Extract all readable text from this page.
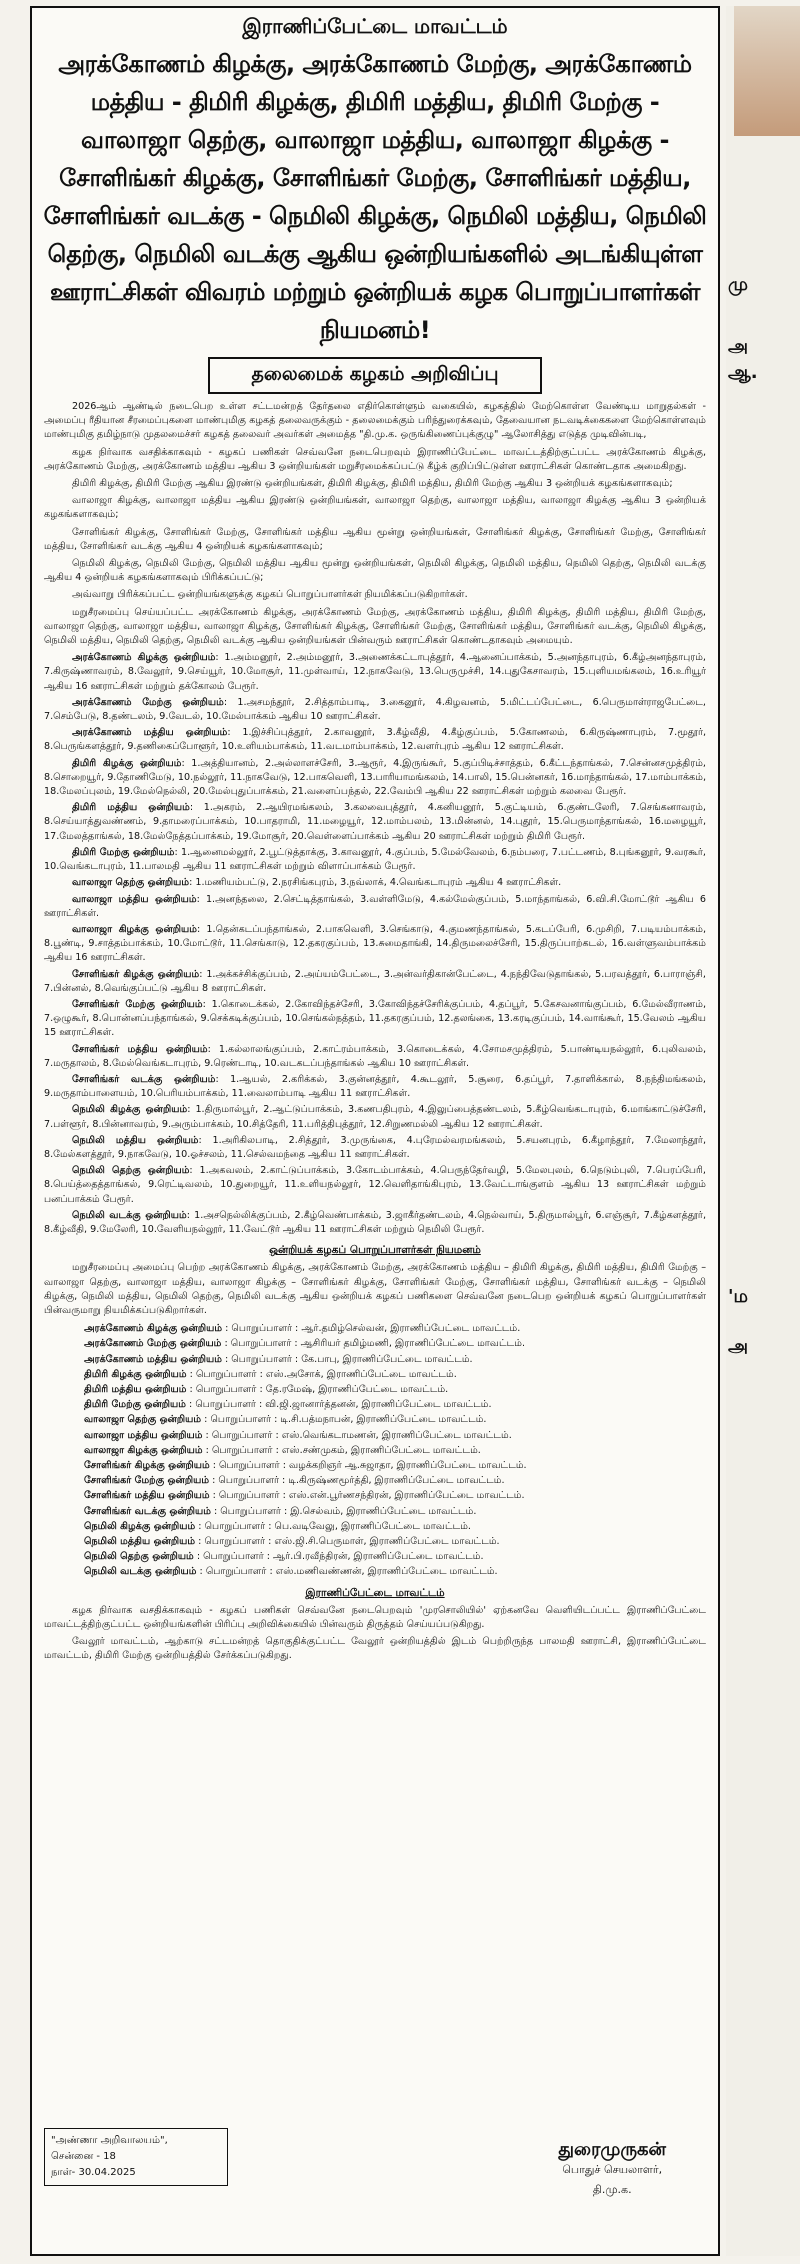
இராணிப்பேட்டை மாவட்டம்
அரக்கோணம் கிழக்கு, அரக்கோணம் மேற்கு, அரக்கோணம் மத்திய - திமிரி கிழக்கு, திமிரி மத்திய, திமிரி மேற்கு - வாலாஜா தெற்கு, வாலாஜா மத்திய, வாலாஜா கிழக்கு - சோளிங்கர் கிழக்கு, சோளிங்கர் மேற்கு, சோளிங்கர் மத்திய, சோளிங்கர் வடக்கு - நெமிலி கிழக்கு, நெமிலி மத்திய, நெமிலி தெற்கு, நெமிலி வடக்கு ஆகிய ஒன்றியங்களில் அடங்கியுள்ள ஊராட்சிகள் விவரம் மற்றும் ஒன்றியக் கழக பொறுப்பாளர்கள் நியமனம்!
தலைமைக் கழகம் அறிவிப்பு

2026ஆம் ஆண்டில் நடைபெற உள்ள சட்டமன்றத் தேர்தலை எதிர்கொள்ளும் வகையில், கழகத்தில் மேற்கொள்ள வேண்டிய மாறுதல்கள் - அமைப்பு ரீதியான சீரமைப்புகளை மாண்புமிகு கழகத் தலைவருக்கும் - தலைமைக்கும் பரிந்துரைக்கவும், தேவையான நடவடிக்கைகளை மேற்கொள்ளவும் மாண்புமிகு தமிழ்நாடு முதலமைச்சர் கழகத் தலைவர் அவர்கள் அமைத்த "தி.மு.க. ஒருங்கிணைப்புக்குழு" ஆலோசித்து எடுத்த முடிவின்படி,

கழக நிர்வாக வசதிக்காகவும் - கழகப் பணிகள் செவ்வனே நடைபெறவும் இராணிப்பேட்டை மாவட்டத்திற்குட்பட்ட அரக்கோணம் கிழக்கு, அரக்கோணம் மேற்கு, அரக்கோணம் மத்திய ஆகிய 3 ஒன்றியங்கள் மறுசீரமைக்கப்பட்டு கீழ்க் குறிப்பிட்டுள்ள ஊராட்சிகள் கொண்டதாக அமைகிறது.

திமிரி கிழக்கு, திமிரி மேற்கு ஆகிய இரண்டு ஒன்றியங்கள், திமிரி கிழக்கு, திமிரி மத்திய, திமிரி மேற்கு ஆகிய 3 ஒன்றியக் கழகங்களாகவும்;

வாலாஜா கிழக்கு, வாலாஜா மத்திய ஆகிய இரண்டு ஒன்றியங்கள், வாலாஜா தெற்கு, வாலாஜா மத்திய, வாலாஜா கிழக்கு ஆகிய 3 ஒன்றியக் கழகங்களாகவும்;

சோளிங்கர் கிழக்கு, சோளிங்கர் மேற்கு, சோளிங்கர் மத்திய ஆகிய மூன்று ஒன்றியங்கள், சோளிங்கர் கிழக்கு, சோளிங்கர் மேற்கு, சோளிங்கர் மத்திய, சோளிங்கர் வடக்கு ஆகிய 4 ஒன்றியக் கழகங்களாகவும்;

நெமிலி கிழக்கு, நெமிலி மேற்கு, நெமிலி மத்திய ஆகிய மூன்று ஒன்றியங்கள், நெமிலி கிழக்கு, நெமிலி மத்திய, நெமிலி தெற்கு, நெமிலி வடக்கு ஆகிய 4 ஒன்றியக் கழகங்களாகவும் பிரிக்கப்பட்டு;

அவ்வாறு பிரிக்கப்பட்ட ஒன்றியங்களுக்கு கழகப் பொறுப்பாளர்கள் நியமிக்கப்படுகிறார்கள்.

மறுசீரமைப்பு செய்யப்பட்ட அரக்கோணம் கிழக்கு, அரக்கோணம் மேற்கு, அரக்கோணம் மத்திய, திமிரி கிழக்கு, திமிரி மத்திய, திமிரி மேற்கு, வாலாஜா தெற்கு, வாலாஜா மத்திய, வாலாஜா கிழக்கு, சோளிங்கர் கிழக்கு, சோளிங்கர் மேற்கு, சோளிங்கர் மத்திய, சோளிங்கர் வடக்கு, நெமிலி கிழக்கு, நெமிலி மத்திய, நெமிலி தெற்கு, நெமிலி வடக்கு ஆகிய ஒன்றியங்கள் பின்வரும் ஊராட்சிகள் கொண்டதாகவும் அமையும்.

அரக்கோணம் கிழக்கு ஒன்றியம்: 1.அம்மனூர், 2.அம்மனூர், 3.அணைக்கட்டாபுத்தூர், 4.ஆனைப்பாக்கம், 5.அனந்தாபுரம், 6.கீழ்அனந்தாபுரம், 7.கிருஷ்ணாவரம், 8.வேலூர், 9.செய்யூர், 10.மோசூர், 11.முள்வாய், 12.நாகவேடு, 13.பெருமுச்சி, 14.புதுகேசாவரம், 15.புளியமங்கலம், 16.உரியூர் ஆகிய 16 ஊராட்சிகள் மற்றும் தக்கோலம் பேரூர்.

அரக்கோணம் மேற்கு ஒன்றியம்: 1.அசமந்தூர், 2.சித்தாம்பாடி, 3.கைனூர், 4.கிழவனம், 5.மிட்டப்பேட்டை, 6.பெருமாள்ராஜபேட்டை, 7.செம்பேடு, 8.தண்டலம், 9.வேடல், 10.மேல்பாக்கம் ஆகிய 10 ஊராட்சிகள்.

அரக்கோணம் மத்திய ஒன்றியம்: 1.இச்சிப்புத்தூர், 2.காவனூர், 3.கீழ்வீதி, 4.கீழ்குப்பம், 5.கோணலம், 6.கிருஷ்ணாபுரம், 7.மூதூர், 8.பெருங்களத்தூர், 9.தணிகைப்போளூர், 10.உளியம்பாக்கம், 11.வடமாம்பாக்கம், 12.வளர்புரம் ஆகிய 12 ஊராட்சிகள்.

திமிரி கிழக்கு ஒன்றியம்: 1.அத்தியானம், 2.அல்லாளச்சேரி, 3.ஆரூர், 4.இருங்கூர், 5.குப்பிடிச்சாத்தம், 6.கீட்டந்தாங்கல், 7.சென்னசமுத்திரம், 8.சொறையூர், 9.தோணிமேடு, 10.நல்லூர், 11.நாகவேடு, 12.பாகவெளி, 13.பாரியாமங்கலம், 14.பாலி, 15.பென்னகர், 16.மாந்தாங்கல், 17.மாம்பாக்கம், 18.மேலப்புலம், 19.மேல்நெல்லி, 20.மேல்புதுப்பாக்கம், 21.வளைப்பந்தல், 22.வேம்பி ஆகிய 22 ஊராட்சிகள் மற்றும் கலவை பேரூர்.

திமிரி மத்திய ஒன்றியம்: 1.அகரம், 2.ஆயிரமங்கலம், 3.கலவைபுத்தூர், 4.கனியனூர், 5.குட்டியம், 6.குண்டலேரி, 7.செங்கனாவரம், 8.செய்யாத்துவண்ணம், 9.தாமரைப்பாக்கம், 10.பாதராமி, 11.மழையூர், 12.மாம்பலம், 13.மின்னல், 14.புதூர், 15.பெருமாந்தாங்கல், 16.மழையூர், 17.மேலத்தாங்கல், 18.மேல்நேத்தப்பாக்கம், 19.மோசூர், 20.வெள்ளைப்பாக்கம் ஆகிய 20 ஊராட்சிகள் மற்றும் திமிரி பேரூர்.

திமிரி மேற்கு ஒன்றியம்: 1.ஆனைமல்லூர், 2.பூட்டுத்தாக்கு, 3.காவனூர், 4.குப்பம், 5.மேல்வேலம், 6.நம்பரை, 7.பட்டணம், 8.புங்கனூர், 9.வரகூர், 10.வெங்கடாபுரம், 11.பாலமதி ஆகிய 11 ஊராட்சிகள் மற்றும் விளாப்பாக்கம் பேரூர்.

வாலாஜா தெற்கு ஒன்றியம்: 1.மணியம்பட்டு, 2.நரசிங்கபுரம், 3.நவ்லாக், 4.வெங்கடாபுரம் ஆகிய 4 ஊராட்சிகள்.

வாலாஜா மத்திய ஒன்றியம்: 1.அனந்தலை, 2.செட்டித்தாங்கல், 3.வள்ளிமேடு, 4.கல்மேல்குப்பம், 5.மாந்தாங்கல், 6.வி.சி.மோட்டூர் ஆகிய 6 ஊராட்சிகள்.

வாலாஜா கிழக்கு ஒன்றியம்: 1.தென்கடப்பந்தாங்கல், 2.பாகவெளி, 3.செங்காடு, 4.குமணந்தாங்கல், 5.கடப்பேரி, 6.முசிறி, 7.படியம்பாக்கம், 8.பூண்டி, 9.சாத்தம்பாக்கம், 10.மோட்டூர், 11.செங்காடு, 12.தகரகுப்பம், 13.சுமைதாங்கி, 14.திருமலைச்சேரி, 15.திருப்பாற்கடல், 16.வள்ளுவம்பாக்கம் ஆகிய 16 ஊராட்சிகள்.

சோளிங்கர் கிழக்கு ஒன்றியம்: 1.அக்கச்சிக்குப்பம், 2.அய்யம்பேட்டை, 3.அன்வர்திகான்பேட்டை, 4.நந்திவேடுதாங்கல், 5.பரவத்தூர், 6.பாராஞ்சி, 7.பின்னல், 8.வெங்குப்பட்டு ஆகிய 8 ஊராட்சிகள்.

சோளிங்கர் மேற்கு ஒன்றியம்: 1.கொடைக்கல், 2.கோவிந்தச்சேரி, 3.கோவிந்தச்சேரிக்குப்பம், 4.தப்பூர், 5.கேசவனாங்குப்பம், 6.மேல்வீராணம், 7.ஒழுகூர், 8.பொன்னப்பந்தாங்கல், 9.செக்கடிக்குப்பம், 10.செங்கல்நத்தம், 11.தகரகுப்பம், 12.தலங்கை, 13.கரடிகுப்பம், 14.வாங்கூர், 15.வேலம் ஆகிய 15 ஊராட்சிகள்.

சோளிங்கர் மத்திய ஒன்றியம்: 1.கல்லாலங்குப்பம், 2.காட்ரம்பாக்கம், 3.கொடைக்கல், 4.சோமசமுத்திரம், 5.பாண்டியநல்லூர், 6.புலிவலம், 7.மருதாலம், 8.மேல்வெங்கடாபுரம், 9.ரெண்டாடி, 10.வடகடப்பந்தாங்கல் ஆகிய 10 ஊராட்சிகள்.

சோளிங்கர் வடக்கு ஒன்றியம்: 1.ஆயல், 2.கரிக்கல், 3.குன்னத்தூர், 4.கூடலூர், 5.சூரை, 6.தப்பூர், 7.தாளிக்கால், 8.நந்திமங்கலம், 9.மருதாம்பாளையம், 10.பெரியம்பாக்கம், 11.வைலாம்பாடி ஆகிய 11 ஊராட்சிகள்.

நெமிலி கிழக்கு ஒன்றியம்: 1.திருமால்பூர், 2.ஆட்டுப்பாக்கம், 3.கணபதிபுரம், 4.இலுப்பைத்தண்டலம், 5.கீழ்வெங்கடாபுரம், 6.மாங்காட்டுச்சேரி, 7.பள்ளூர், 8.பின்னாவரம், 9.அரும்பாக்கம், 10.சித்தேரி, 11.பரித்திபுத்தூர், 12.சிறுணமல்லி ஆகிய 12 ஊராட்சிகள்.

நெமிலி மத்திய ஒன்றியம்: 1.அரிகிலபாடி, 2.சித்தூர், 3.முருங்கை, 4.புரேமல்வரமங்கலம், 5.சயனபுரம், 6.கீழாந்தூர், 7.மேலாந்தூர், 8.மேல்களத்தூர், 9.நாகவேடு, 10.ஓச்சலம், 11.செல்வமந்தை ஆகிய 11 ஊராட்சிகள்.

நெமிலி தெற்கு ஒன்றியம்: 1.அகவலம், 2.காட்டுப்பாக்கம், 3.கோடம்பாக்கம், 4.பெருந்தேர்வழி, 5.மேலபுலம், 6.நெடும்புலி, 7.பெரப்பேரி, 8.பெய்த்தைத்தாங்கல், 9.ரெட்டிவலம், 10.துறையூர், 11.உளியநல்லூர், 12.வெளிதாங்கிபுரம், 13.வேட்டாங்குளம் ஆகிய 13 ஊராட்சிகள் மற்றும் பனப்பாக்கம் பேரூர்.

நெமிலி வடக்கு ஒன்றியம்: 1.அசநெல்லிக்குப்பம், 2.கீழ்வெண்பாக்கம், 3.ஜாகீர்தண்டலம், 4.நெல்வாய், 5.திருமால்பூர், 6.எஞ்சூர், 7.கீழ்களத்தூர், 8.கீழ்வீதி, 9.மேலேரி, 10.வேளியநல்லூர், 11.வேட்டூர் ஆகிய 11 ஊராட்சிகள் மற்றும் நெமிலி பேரூர்.

ஒன்றியக் கழகப் பொறுப்பாளர்கள் நியமனம்

மறுசீரமைப்பு அமைப்பு பெற்ற அரக்கோணம் கிழக்கு, அரக்கோணம் மேற்கு, அரக்கோணம் மத்திய – திமிரி கிழக்கு, திமிரி மத்திய, திமிரி மேற்கு – வாலாஜா தெற்கு, வாலாஜா மத்திய, வாலாஜா கிழக்கு – சோளிங்கர் கிழக்கு, சோளிங்கர் மேற்கு, சோளிங்கர் மத்திய, சோளிங்கர் வடக்கு – நெமிலி கிழக்கு, நெமிலி மத்திய, நெமிலி தெற்கு, நெமிலி வடக்கு ஆகிய ஒன்றியக் கழகப் பணிகளை செவ்வனே நடைபெற ஒன்றியக் கழகப் பொறுப்பாளர்கள் பின்வருமாறு நியமிக்கப்படுகிறார்கள்.

அரக்கோணம் கிழக்கு ஒன்றியம் : பொறுப்பாளர் : ஆர்.தமிழ்செல்வன், இராணிப்பேட்டை மாவட்டம்.
அரக்கோணம் மேற்கு ஒன்றியம் : பொறுப்பாளர் : ஆசிரியர் தமிழ்மணி, இராணிப்பேட்டை மாவட்டம்.
அரக்கோணம் மத்திய ஒன்றியம் : பொறுப்பாளர் : கே.பாபு, இராணிப்பேட்டை மாவட்டம்.
திமிரி கிழக்கு ஒன்றியம் : பொறுப்பாளர் : எஸ்.அசோக், இராணிப்பேட்டை மாவட்டம்.
திமிரி மத்திய ஒன்றியம் : பொறுப்பாளர் : தே.ரமேஷ், இராணிப்பேட்டை மாவட்டம்.
திமிரி மேற்கு ஒன்றியம் : பொறுப்பாளர் : வி.ஜி.ஜானார்த்தனன், இராணிப்பேட்டை மாவட்டம்.
வாலாஜா தெற்கு ஒன்றியம் : பொறுப்பாளர் : டி.சி.பத்மநாபன், இராணிப்பேட்டை மாவட்டம்.
வாலாஜா மத்திய ஒன்றியம் : பொறுப்பாளர் : எஸ்.வெங்கடாமணன், இராணிப்பேட்டை மாவட்டம்.
வாலாஜா கிழக்கு ஒன்றியம் : பொறுப்பாளர் : எஸ்.சண்முகம், இராணிப்பேட்டை மாவட்டம்.
சோளிங்கர் கிழக்கு ஒன்றியம் : பொறுப்பாளர் : வழக்கறிஞர் ஆ.சுஜாதா, இராணிப்பேட்டை மாவட்டம்.
சோளிங்கர் மேற்கு ஒன்றியம் : பொறுப்பாளர் : டி.கிருஷ்ணமூர்த்தி, இராணிப்பேட்டை மாவட்டம்.
சோளிங்கர் மத்திய ஒன்றியம் : பொறுப்பாளர் : எஸ்.என்.பூர்ணசந்திரன், இராணிப்பேட்டை மாவட்டம்.
சோளிங்கர் வடக்கு ஒன்றியம் : பொறுப்பாளர் : இ.செல்வம், இராணிப்பேட்டை மாவட்டம்.
நெமிலி கிழக்கு ஒன்றியம் : பொறுப்பாளர் : பெ.வடிவேலு, இராணிப்பேட்டை மாவட்டம்.
நெமிலி மத்திய ஒன்றியம் : பொறுப்பாளர் : எஸ்.ஜி.சி.பெருமாள், இராணிப்பேட்டை மாவட்டம்.
நெமிலி தெற்கு ஒன்றியம் : பொறுப்பாளர் : ஆர்.பி.ரவீந்திரன், இராணிப்பேட்டை மாவட்டம்.
நெமிலி வடக்கு ஒன்றியம் : பொறுப்பாளர் : எஸ்.மணிவண்ணன், இராணிப்பேட்டை மாவட்டம்.
இராணிப்பேட்டை மாவட்டம்

கழக நிர்வாக வசதிக்காகவும் - கழகப் பணிகள் செவ்வனே நடைபெறவும் 'முரசொலியில்' ஏற்கனவே வெளியிடப்பட்ட இராணிப்பேட்டை மாவட்டத்திற்குட்பட்ட ஒன்றியங்களின் பிரிப்பு அறிவிக்கையில் பின்வரும் திருத்தம் செய்யப்படுகிறது.

வேலூர் மாவட்டம், ஆற்காடு சட்டமன்றத் தொகுதிக்குட்பட்ட வேலூர் ஒன்றியத்தில் இடம் பெற்றிருந்த பாலமதி ஊராட்சி, இராணிப்பேட்டை மாவட்டம், திமிரி மேற்கு ஒன்றியத்தில் சேர்க்கப்படுகிறது.

"அண்ணா அறிவாலயம்",
சென்னை - 18
நாள்- 30.04.2025
துரைமுருகன்
பொதுச் செயலாளர்,
தி.மு.க.
மு
அ
ஆ.
'ம
அ
